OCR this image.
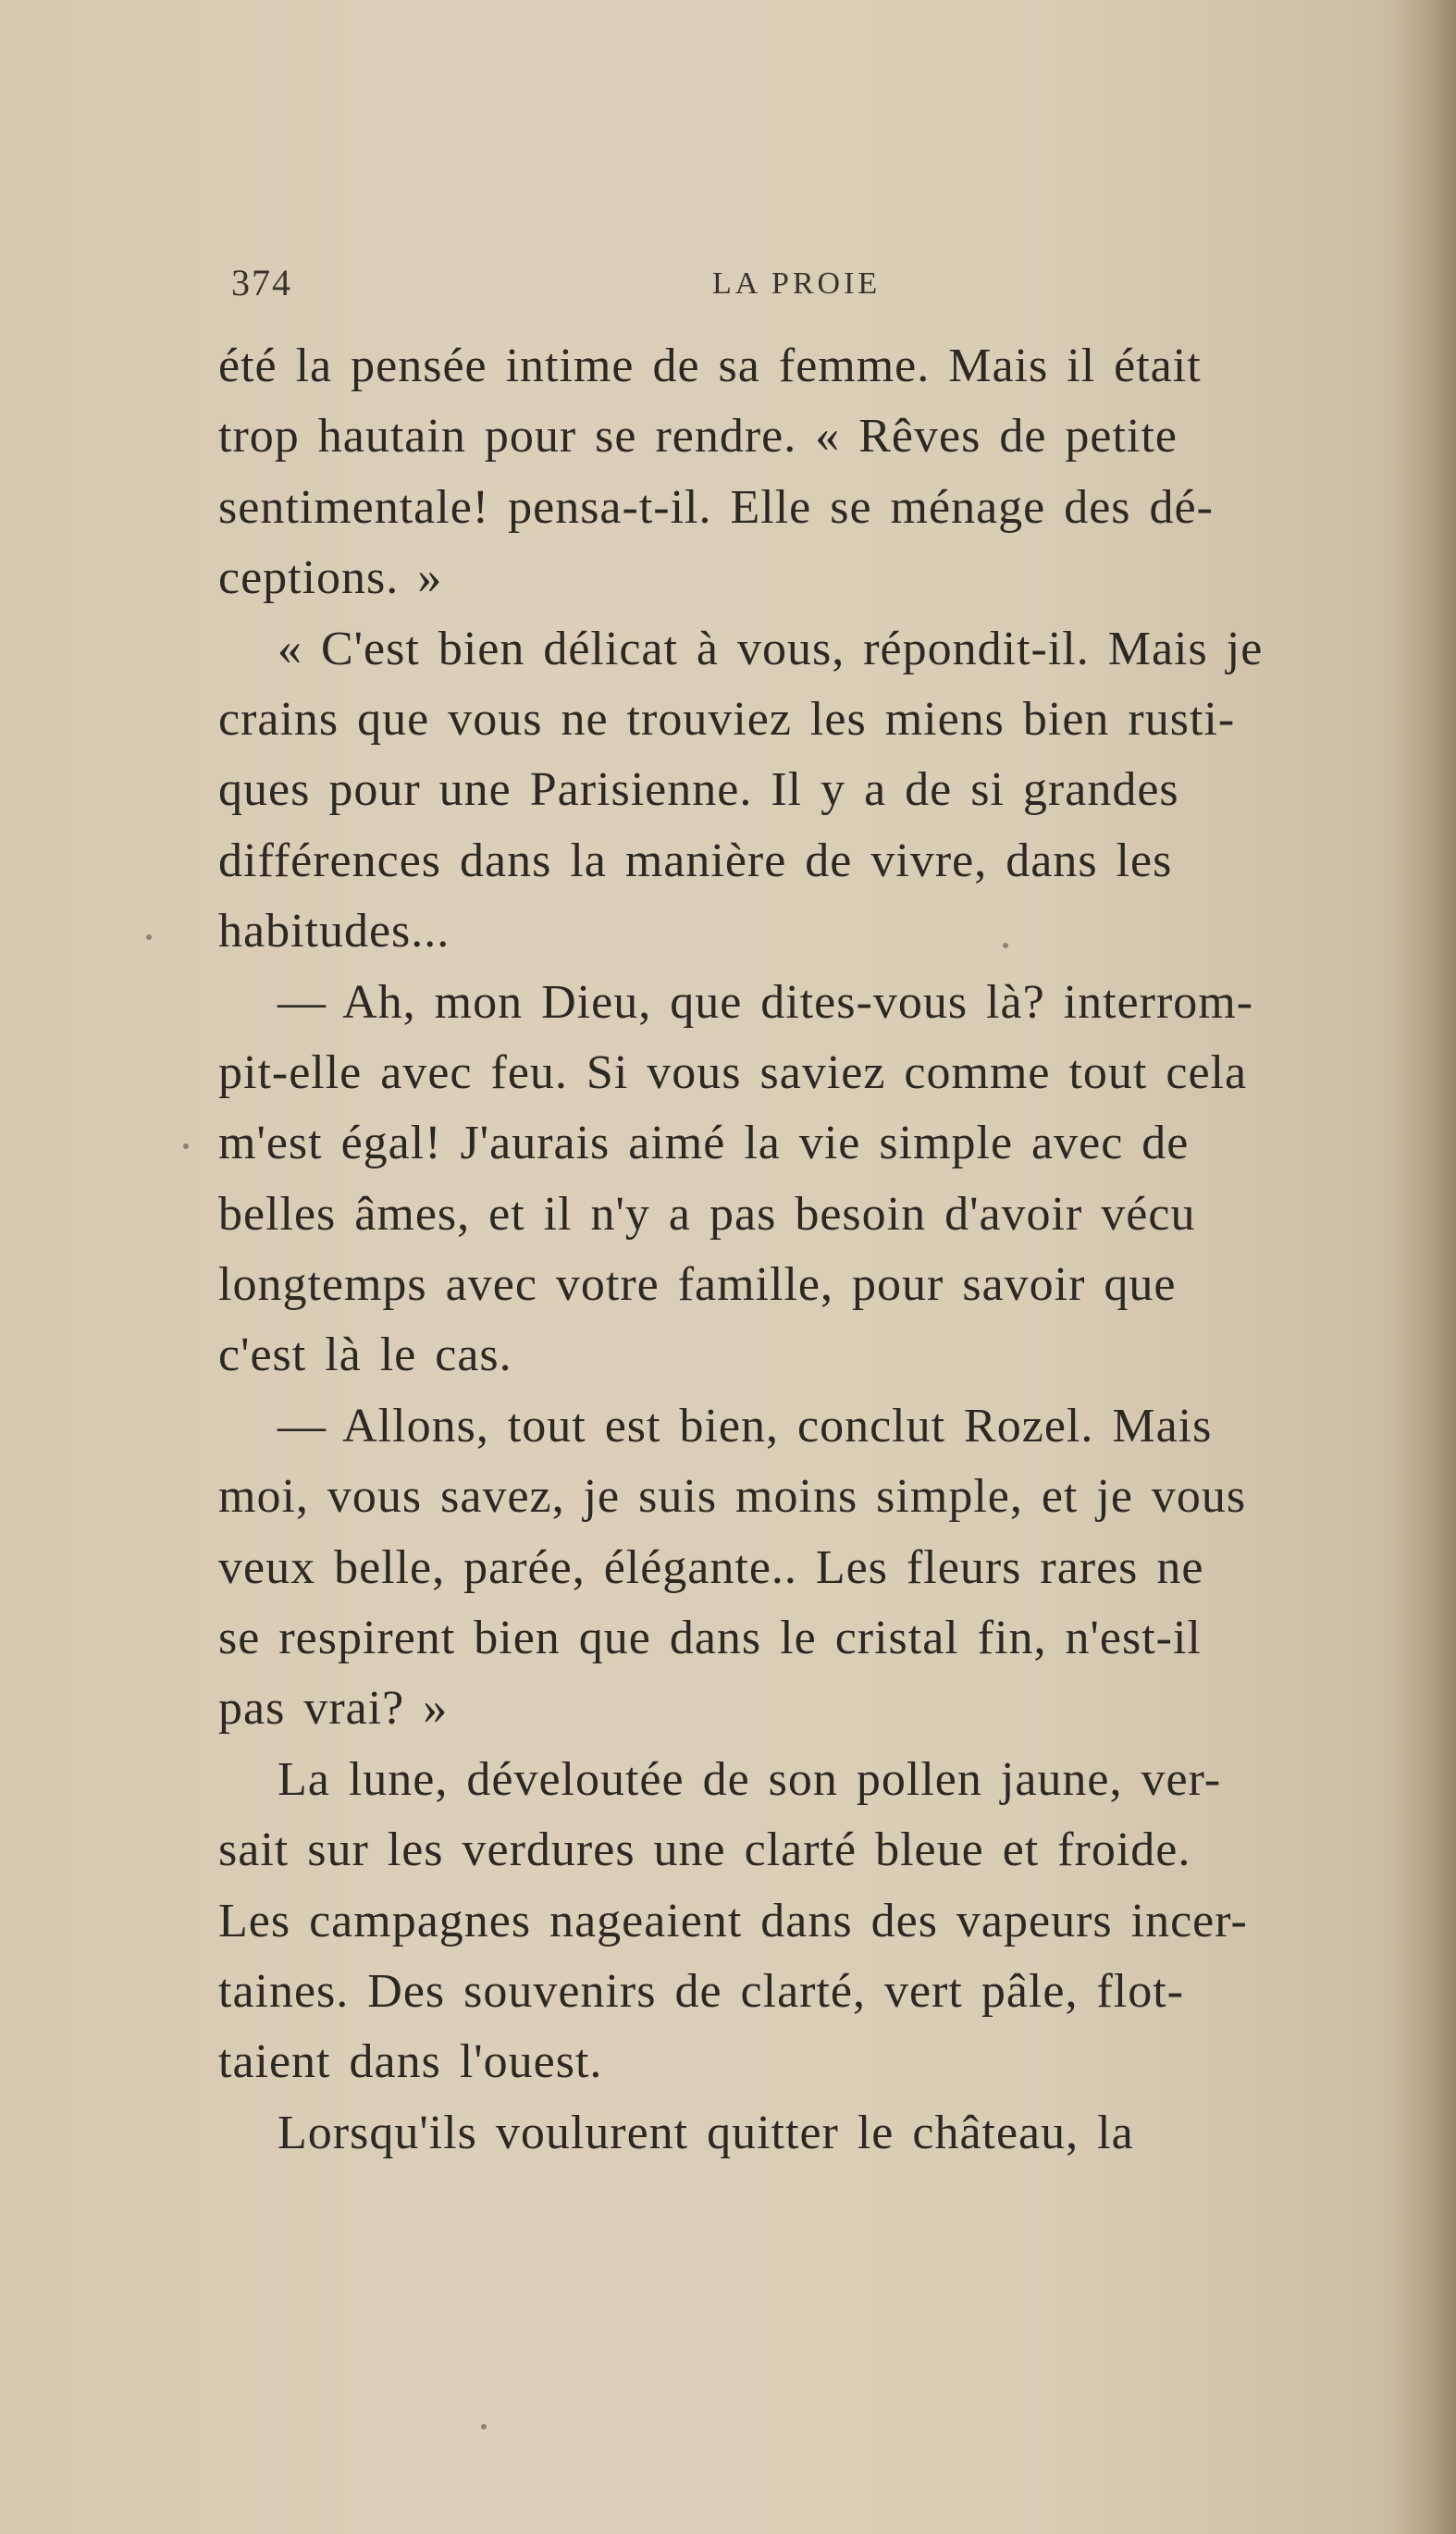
374	LA PROIE
été la pensée intime de sa femme. Mais il était
trop hautain pour se rendre. « Rêves de petite
sentimentale! pensa-t-il. Elle se ménage des dé-
ceptions. »
« C'est bien délicat à vous, répondit-il. Mais je
crains que vous ne trouviez les miens bien rusti-
ques pour une Parisienne. Il y a de si grandes
différences dans la manière de vivre, dans les
habitudes...
— Ah, mon Dieu, que dites-vous là? interrom-
pit-elle avec feu. Si vous saviez comme tout cela
m'est égal! J'aurais aimé la vie simple avec de
belles âmes, et il n'y a pas besoin d'avoir vécu
longtemps avec votre famille, pour savoir que
c'est là le cas.
— Allons, tout est bien, conclut Rozel. Mais
moi, vous savez, je suis moins simple, et je vous
veux belle, parée, élégante.. Les fleurs rares ne
se respirent bien que dans le cristal fin, n'est-il
pas vrai? »
La lune, déveloutée de son pollen jaune, ver-
sait sur les verdures une clarté bleue et froide.
Les campagnes nageaient dans des vapeurs incer-
taines. Des souvenirs de clarté, vert pâle, flot-
taient dans l'ouest.
Lorsqu'ils voulurent quitter le château, la
